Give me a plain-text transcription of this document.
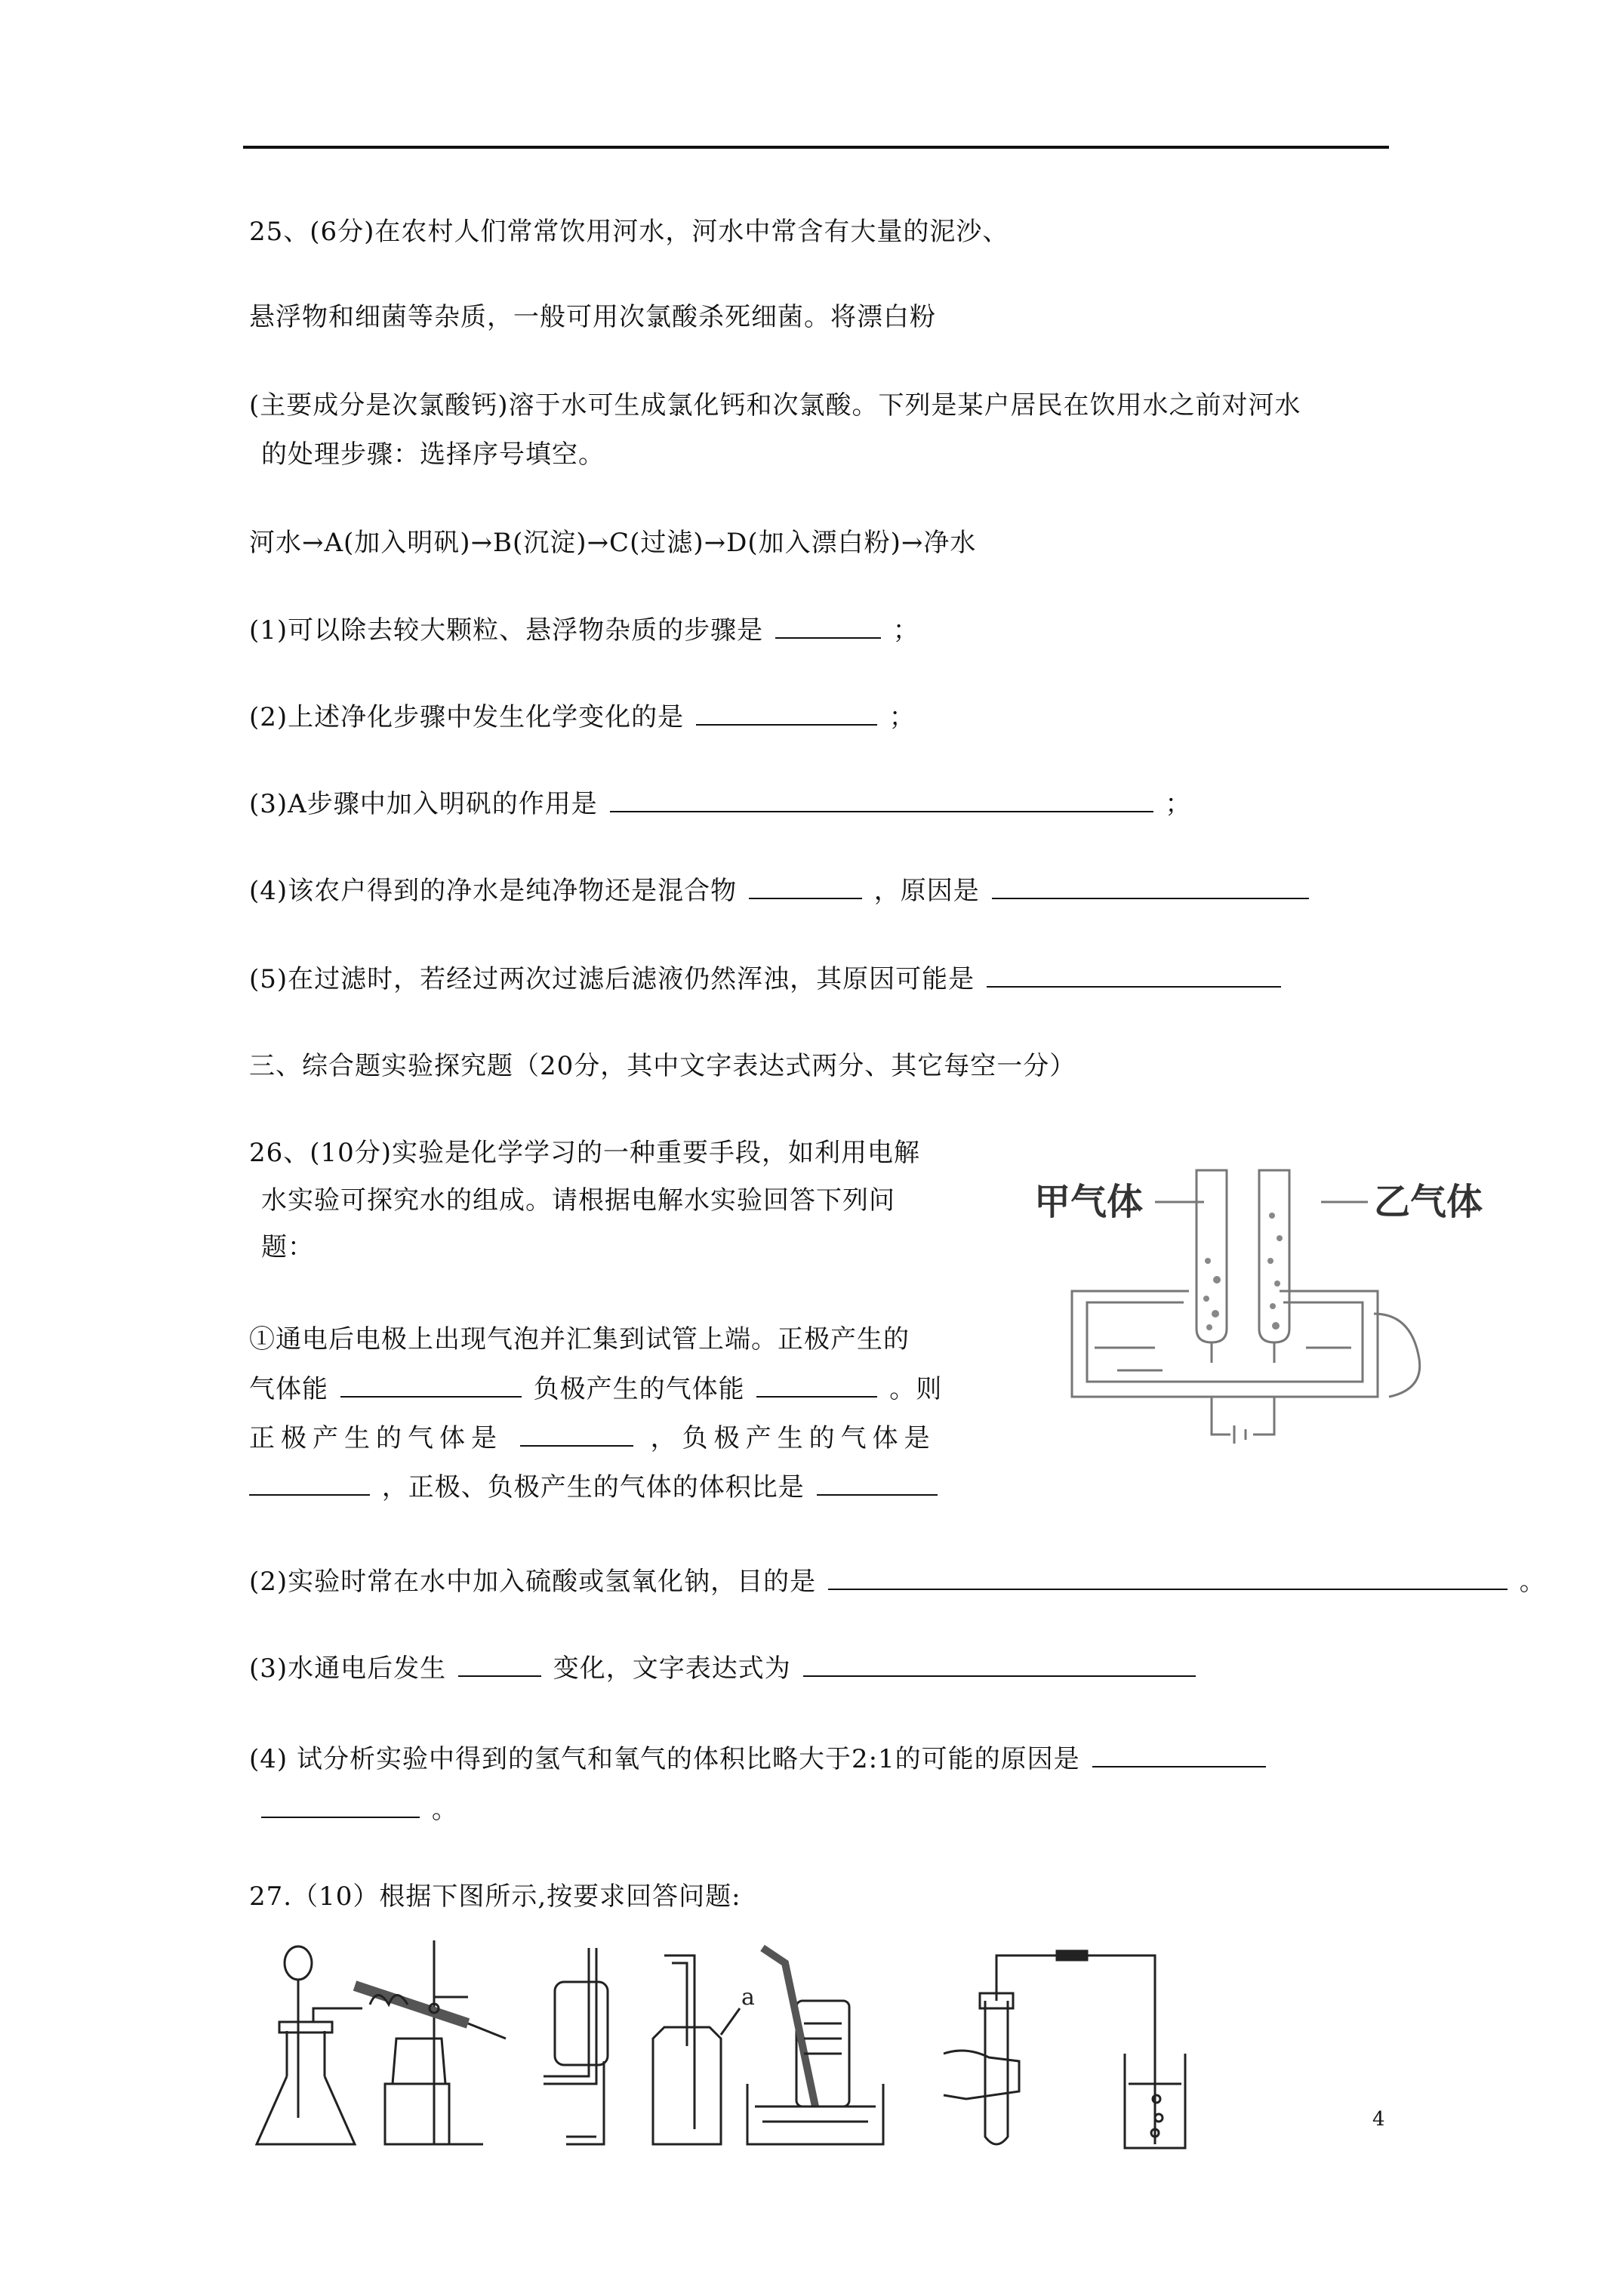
25、(6分)在农村人们常常饮用河水，河水中常含有大量的泥沙、
悬浮物和细菌等杂质，一般可用次氯酸杀死细菌。将漂白粉
(主要成分是次氯酸钙)溶于水可生成氯化钙和次氯酸。下列是某户居民在饮用水之前对河水
的处理步骤：选择序号填空。
河水→A(加入明矾)→B(沉淀)→C(过滤)→D(加入漂白粉)→净水
(1)可以除去较大颗粒、悬浮物杂质的步骤是	；
(2)上述净化步骤中发生化学变化的是	；
(3)A步骤中加入明矾的作用是	；
(4)该农户得到的净水是纯净物还是混合物	，原因是
(5)在过滤时，若经过两次过滤后滤液仍然浑浊，其原因可能是
三、综合题实验探究题（20分，其中文字表达式两分、其它每空一分）
26、(10分)实验是化学学习的一种重要手段，如利用电解
水实验可探究水的组成。请根据电解水实验回答下列问
题：
①通电后电极上出现气泡并汇集到试管上端。正极产生的
气体能	负极产生的气体能	。则
正极产生的气体是	，负极产生的气体是
，正极、负极产生的气体的体积比是
甲气体	乙气体
(2)实验时常在水中加入硫酸或氢氧化钠，目的是	。
(3)水通电后发生	变化，文字表达式为
(4) 试分析实验中得到的氢气和氧气的体积比略大于2:1的可能的原因是
。
27.（10）根据下图所示,按要求回答问题:
a
4
